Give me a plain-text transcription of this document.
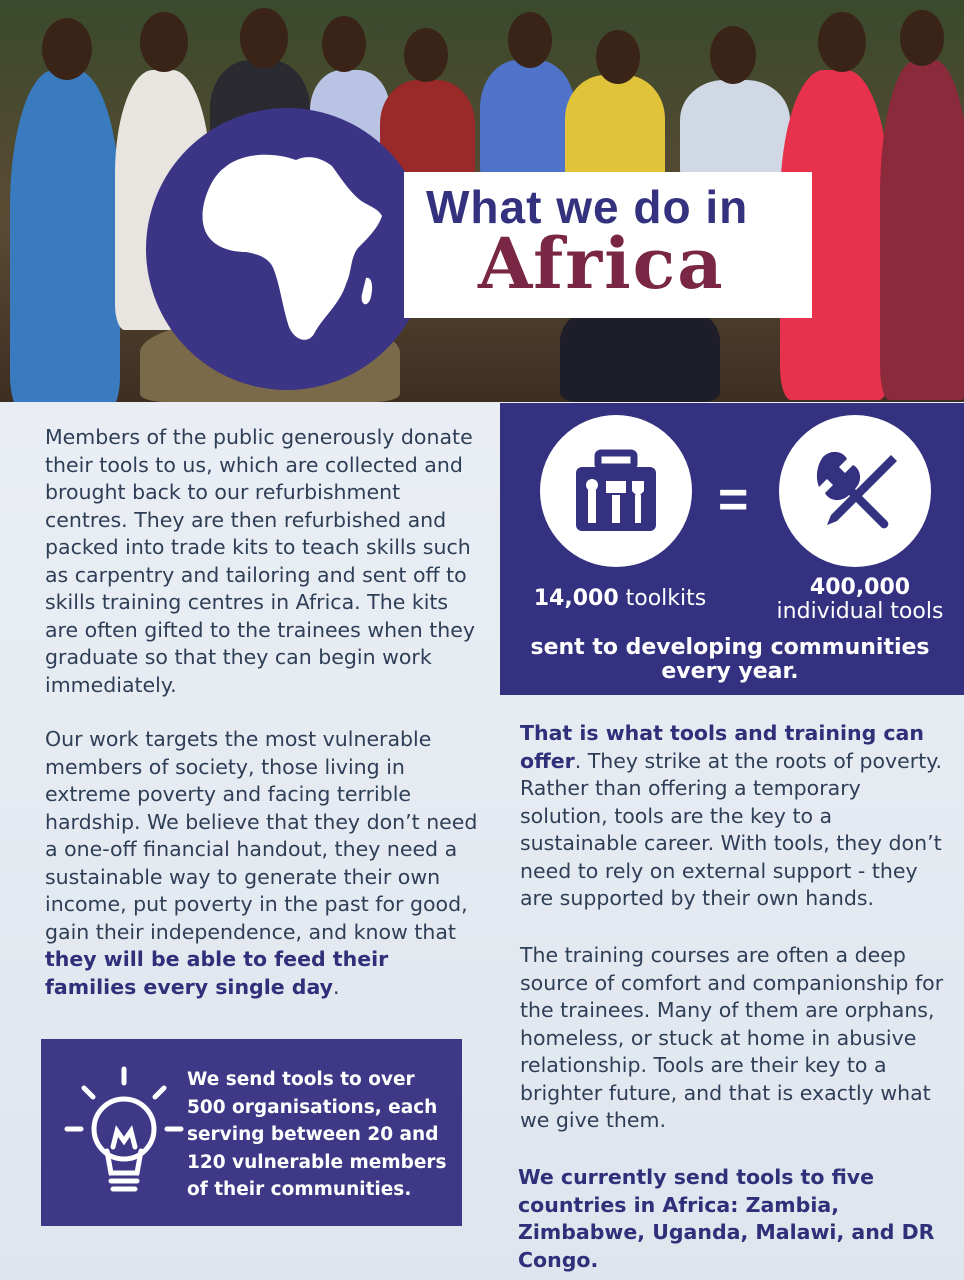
What we do in
Africa
Members of the public generously donate their tools to us, which are collected and brought back to our refurbishment centres. They are then refurbished and packed into trade kits to teach skills such as carpentry and tailoring and sent off to skills training centres in Africa. The kits are often gifted to the trainees when they graduate so that they can begin work immediately.
Our work targets the most vulnerable members of society, those living in extreme poverty and facing terrible hardship. We believe that they don’t need a one-off financial handout, they need a sustainable way to generate their own income, put poverty in the past for good, gain their independence, and know that they will be able to feed their families every single day.
=
14,000 toolkits	400,000
individual tools
sent to developing communities every year.
That is what tools and training can offer. They strike at the roots of poverty. Rather than offering a temporary solution, tools are the key to a sustainable career. With tools, they don’t need to rely on external support - they are supported by their own hands.
The training courses are often a deep source of comfort and companionship for the trainees. Many of them are orphans, homeless, or stuck at home in abusive relationship. Tools are their key to a brighter future, and that is exactly what we give them.
We currently send tools to five countries in Africa: Zambia, Zimbabwe, Uganda, Malawi, and DR Congo.
We send tools to over 500 organisations, each serving between 20 and 120 vulnerable members of their communities.
